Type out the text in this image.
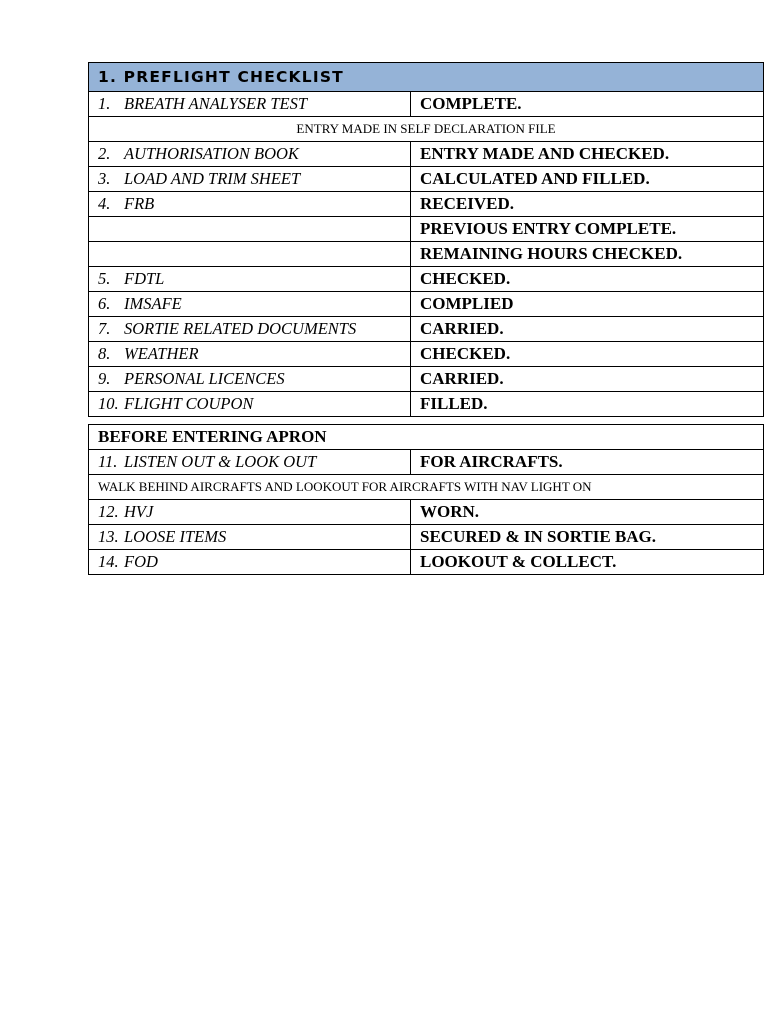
1. PREFLIGHT CHECKLIST	
1. BREATH ANALYSER TEST	COMPLETE.
ENTRY MADE IN SELF DECLARATION FILE	
2. AUTHORISATION BOOK	ENTRY MADE AND CHECKED.
3. LOAD AND TRIM SHEET	CALCULATED AND FILLED.
4. FRB	RECEIVED.
	PREVIOUS ENTRY COMPLETE.
	REMAINING HOURS CHECKED.
5. FDTL	CHECKED.
6. IMSAFE	COMPLIED
7. SORTIE RELATED DOCUMENTS	CARRIED.
8. WEATHER	CHECKED.
9. PERSONAL LICENCES	CARRIED.
10. FLIGHT COUPON	FILLED.
BEFORE ENTERING APRON	
11. LISTEN OUT & LOOK OUT	FOR AIRCRAFTS.
WALK BEHIND AIRCRAFTS AND LOOKOUT FOR AIRCRAFTS WITH NAV LIGHT ON	
12. HVJ	WORN.
13. LOOSE ITEMS	SECURED & IN SORTIE BAG.
14. FOD	LOOKOUT & COLLECT.
